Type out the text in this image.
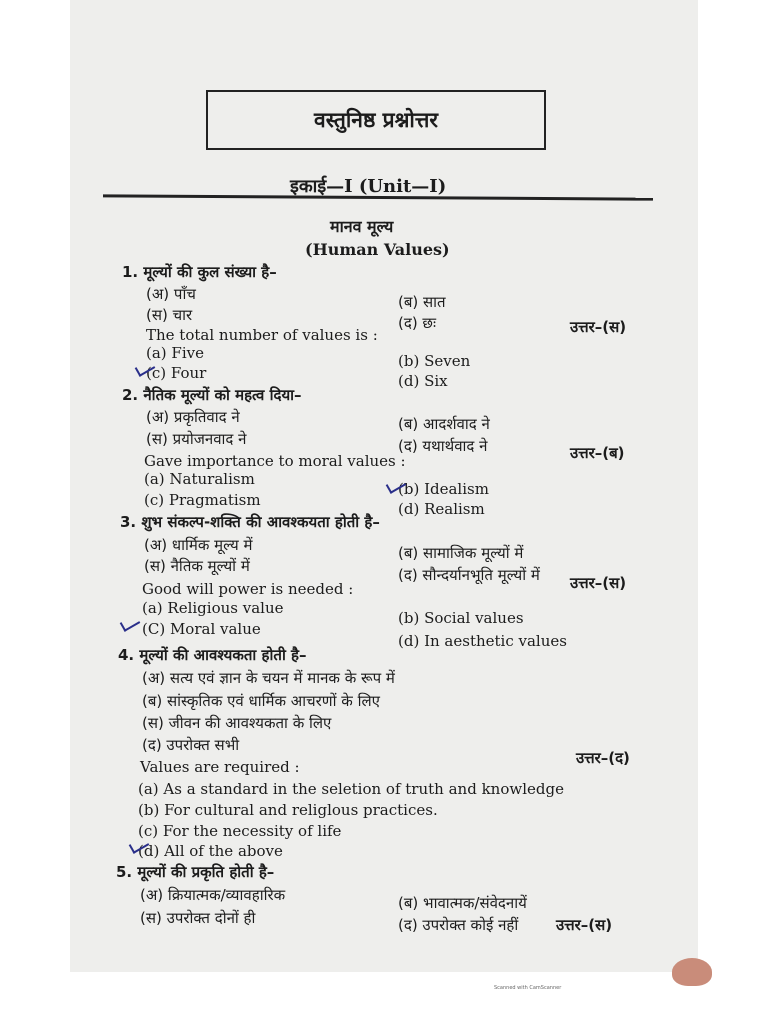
वस्तुनिष्ठ प्रश्नोत्तर
इकाई—I (Unit—I)
मानव मूल्य
(Human Values)
1. मूल्यों की कुल संख्या है–
(अ) पाँच	(ब) सात
(स) चार	(द) छः	उत्तर–(स)
The total number of values is :
(a) Five	(b) Seven
(c) Four	(d) Six
2. नैतिक मूल्यों को महत्व दिया–
(अ) प्रकृतिवाद ने	(ब) आदर्शवाद ने
(स) प्रयोजनवाद ने	(द) यथार्थवाद ने	उत्तर–(ब)
Gave importance to moral values :
(a) Naturalism
(b) Idealism
(c) Pragmatism	(d) Realism
3. शुभ संकल्प-शक्ति की आवश्कयता होती है–
(अ) धार्मिक मूल्य में	(ब) सामाजिक मूल्यों में
(स) नैतिक मूल्यों में	(द) सौन्दर्यानभूति मूल्यों में उत्तर–(स)
Good will power is needed :
(a) Religious value
(b) Social values
(C) Moral value
(d) In aesthetic values
4. मूल्यों की आवश्यकता होती है–
(अ) सत्य एवं ज्ञान के चयन में मानक के रूप में
(ब) सांस्कृतिक एवं धार्मिक आचरणों के लिए
(स) जीवन की आवश्यकता के लिए
(द) उपरोक्त सभी
उत्तर–(द)
Values are required :
(a) As a standard in the seletion of truth and knowledge
(b) For cultural and religlous practices.
(c) For the necessity of life
(d) All of the above
5. मूल्यों की प्रकृति होती है–
(अ) क्रियात्मक/व्यावहारिक	(ब) भावात्मक/संवेदनायें
(स) उपरोक्त दोनों ही	(द) उपरोक्त कोई नहीं	उत्तर–(स)
Scanned with CamScanner
